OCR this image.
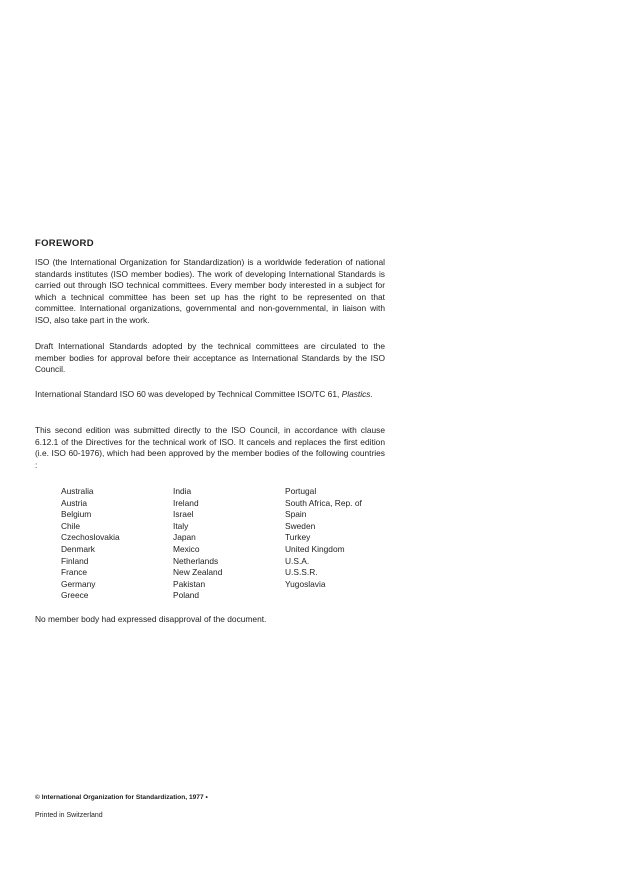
FOREWORD

ISO (the International Organization for Standardization) is a worldwide federation of national standards institutes (ISO member bodies). The work of developing International Standards is carried out through ISO technical committees. Every member body interested in a subject for which a technical committee has been set up has the right to be represented on that committee. International organizations, governmental and non-governmental, in liaison with ISO, also take part in the work.

Draft International Standards adopted by the technical committees are circulated to the member bodies for approval before their acceptance as International Standards by the ISO Council.

International Standard ISO 60 was developed by Technical Committee ISO/TC 61, Plastics.

This second edition was submitted directly to the ISO Council, in accordance with clause 6.12.1 of the Directives for the technical work of ISO. It cancels and replaces the first edition (i.e. ISO 60-1976), which had been approved by the member bodies of the following countries :

Australia
Austria
Belgium
Chile
Czechoslovakia
Denmark
Finland
France
Germany
Greece
India
Ireland
Israel
Italy
Japan
Mexico
Netherlands
New Zealand
Pakistan
Poland
Portugal
South Africa, Rep. of
Spain
Sweden
Turkey
United Kingdom
U.S.A.
U.S.S.R.
Yugoslavia

No member body had expressed disapproval of the document.

© International Organization for Standardization, 1977 •
Printed in Switzerland
